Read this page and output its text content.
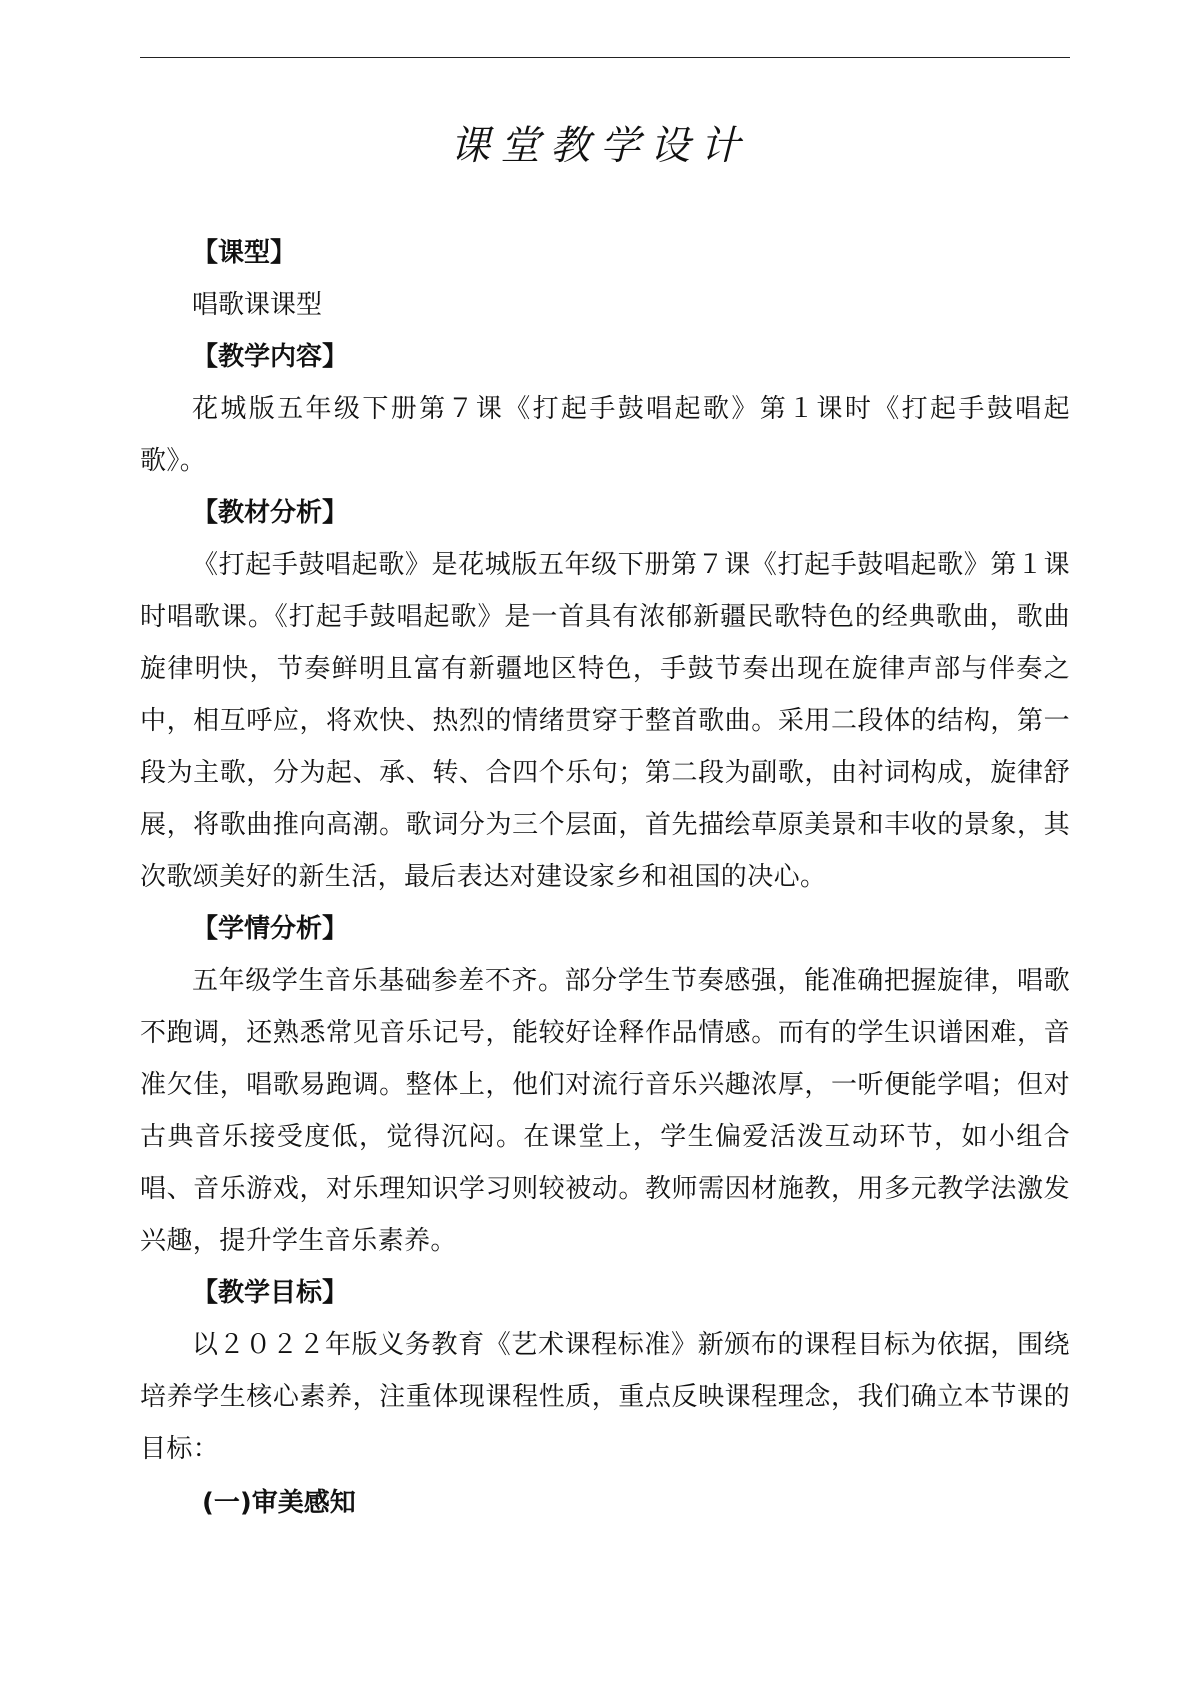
课堂教学设计
【课型】
唱歌课课型
【教学内容】

花城版五年级下册第７课《打起手鼓唱起歌》第１课时《打起手鼓唱起歌》。

【教材分析】

《打起手鼓唱起歌》是花城版五年级下册第７课《打起手鼓唱起歌》第１课时唱歌课。《打起手鼓唱起歌》是一首具有浓郁新疆民歌特色的经典歌曲，歌曲旋律明快，节奏鲜明且富有新疆地区特色，手鼓节奏出现在旋律声部与伴奏之中，相互呼应，将欢快、热烈的情绪贯穿于整首歌曲。采用二段体的结构，第一段为主歌，分为起、承、转、合四个乐句；第二段为副歌，由衬词构成，旋律舒展，将歌曲推向高潮。歌词分为三个层面，首先描绘草原美景和丰收的景象，其次歌颂美好的新生活，最后表达对建设家乡和祖国的决心。

【学情分析】

五年级学生音乐基础参差不齐。部分学生节奏感强，能准确把握旋律，唱歌不跑调，还熟悉常见音乐记号，能较好诠释作品情感。而有的学生识谱困难，音准欠佳，唱歌易跑调。整体上，他们对流行音乐兴趣浓厚，一听便能学唱；但对古典音乐接受度低，觉得沉闷。在课堂上，学生偏爱活泼互动环节，如小组合唱、音乐游戏，对乐理知识学习则较被动。教师需因材施教，用多元教学法激发兴趣，提升学生音乐素养。

【教学目标】

以２０２２年版义务教育《艺术课程标准》新颁布的课程目标为依据，围绕培养学生核心素养，注重体现课程性质，重点反映课程理念，我们确立本节课的目标：

(一)审美感知
